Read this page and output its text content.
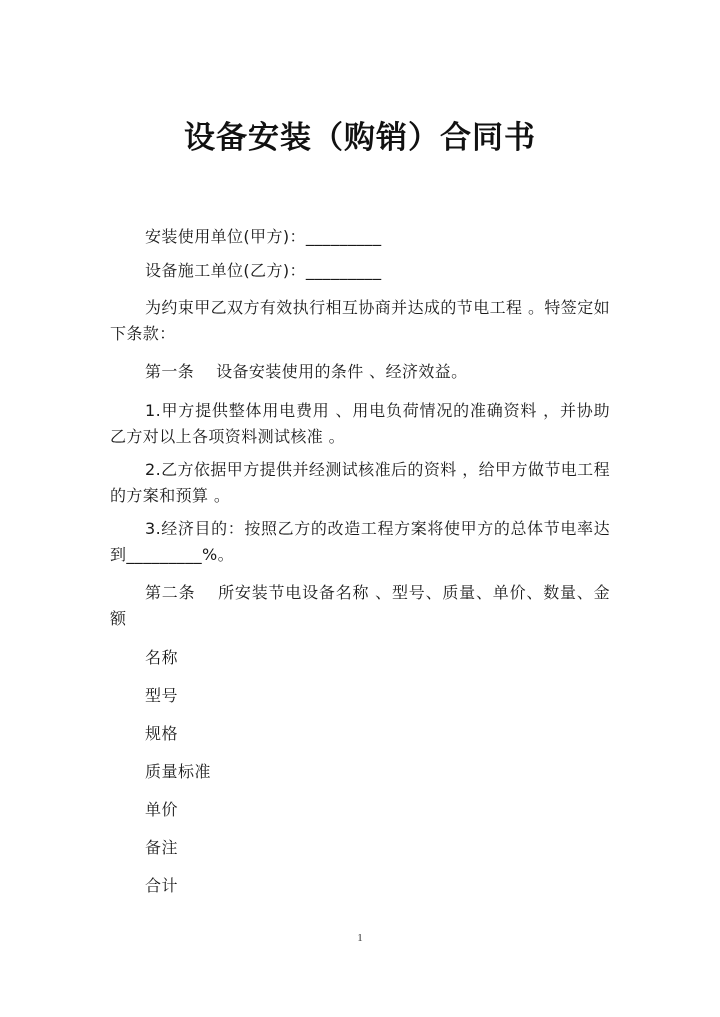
设备安装（购销）合同书
安装使用单位(甲方)：_________
设备施工单位(乙方)：_________
为约束甲乙双方有效执行相互协商并达成的节电工程 。特签定如下条款：
第一条　 设备安装使用的条件 、经济效益。
1.甲方提供整体用电费用 、用电负荷情况的准确资料 ，并协助乙方对以上各项资料测试核准 。
2.乙方依据甲方提供并经测试核准后的资料 ，给甲方做节电工程的方案和预算 。
3.经济目的：按照乙方的改造工程方案将使甲方的总体节电率达到_________%。
第二条　 所安装节电设备名称 、型号、质量、单价、数量、金额
名称
型号
规格
质量标准
单价
备注
合计
1
